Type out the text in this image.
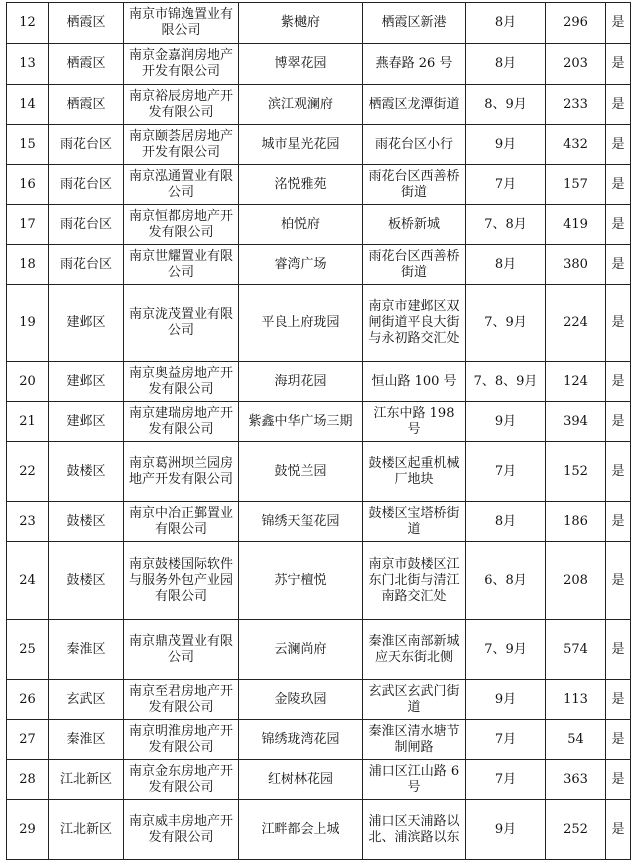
12	栖霞区	南京市锦逸置业有限公司	紫樾府	栖霞区新港	8月	296	是
13	栖霞区	南京金嘉润房地产开发有限公司	博翠花园	燕春路 26 号	8月	203	是
14	栖霞区	南京裕辰房地产开发有限公司	滨江观澜府	栖霞区龙潭街道	8、9月	233	是
15	雨花台区	南京颐荟居房地产开发有限公司	城市星光花园	雨花台区小行	9月	432	是
16	雨花台区	南京泓通置业有限公司	洺悦雅苑	雨花台区西善桥街道	7月	157	是
17	雨花台区	南京恒都房地产开发有限公司	柏悦府	板桥新城	7、8月	419	是
18	雨花台区	南京世耀置业有限公司	睿湾广场	雨花台区西善桥街道	8月	380	是
19	建邺区	南京泷茂置业有限公司	平良上府珑园	南京市建邺区双闸街道平良大街与永初路交汇处	7、9月	224	是
20	建邺区	南京奥益房地产开发有限公司	海玥花园	恒山路 100 号	7、8、9月	124	是
21	建邺区	南京建瑞房地产开发有限公司	紫鑫中华广场三期	江东中路 198 号	9月	394	是
22	鼓楼区	南京葛洲坝兰园房地产开发有限公司	鼓悦兰园	鼓楼区起重机械厂地块	7月	152	是
23	鼓楼区	南京中冶正鄞置业有限公司	锦绣天玺花园	鼓楼区宝塔桥街道	8月	186	是
24	鼓楼区	南京鼓楼国际软件与服务外包产业园有限公司	苏宁檀悦	南京市鼓楼区江东门北街与清江南路交汇处	6、8月	208	是
25	秦淮区	南京鼎茂置业有限公司	云澜尚府	秦淮区南部新城应天东街北侧	7、9月	574	是
26	玄武区	南京至君房地产开发有限公司	金陵玖园	玄武区玄武门街道	9月	113	是
27	秦淮区	南京明淮房地产开发有限公司	锦绣珑湾花园	秦淮区清水塘节制闸路	7月	54	是
28	江北新区	南京金东房地产开发有限公司	红树林花园	浦口区江山路 6 号	7月	363	是
29	江北新区	南京威丰房地产开发有限公司	江畔都会上城	浦口区天浦路以北、浦滨路以东	9月	252	是
